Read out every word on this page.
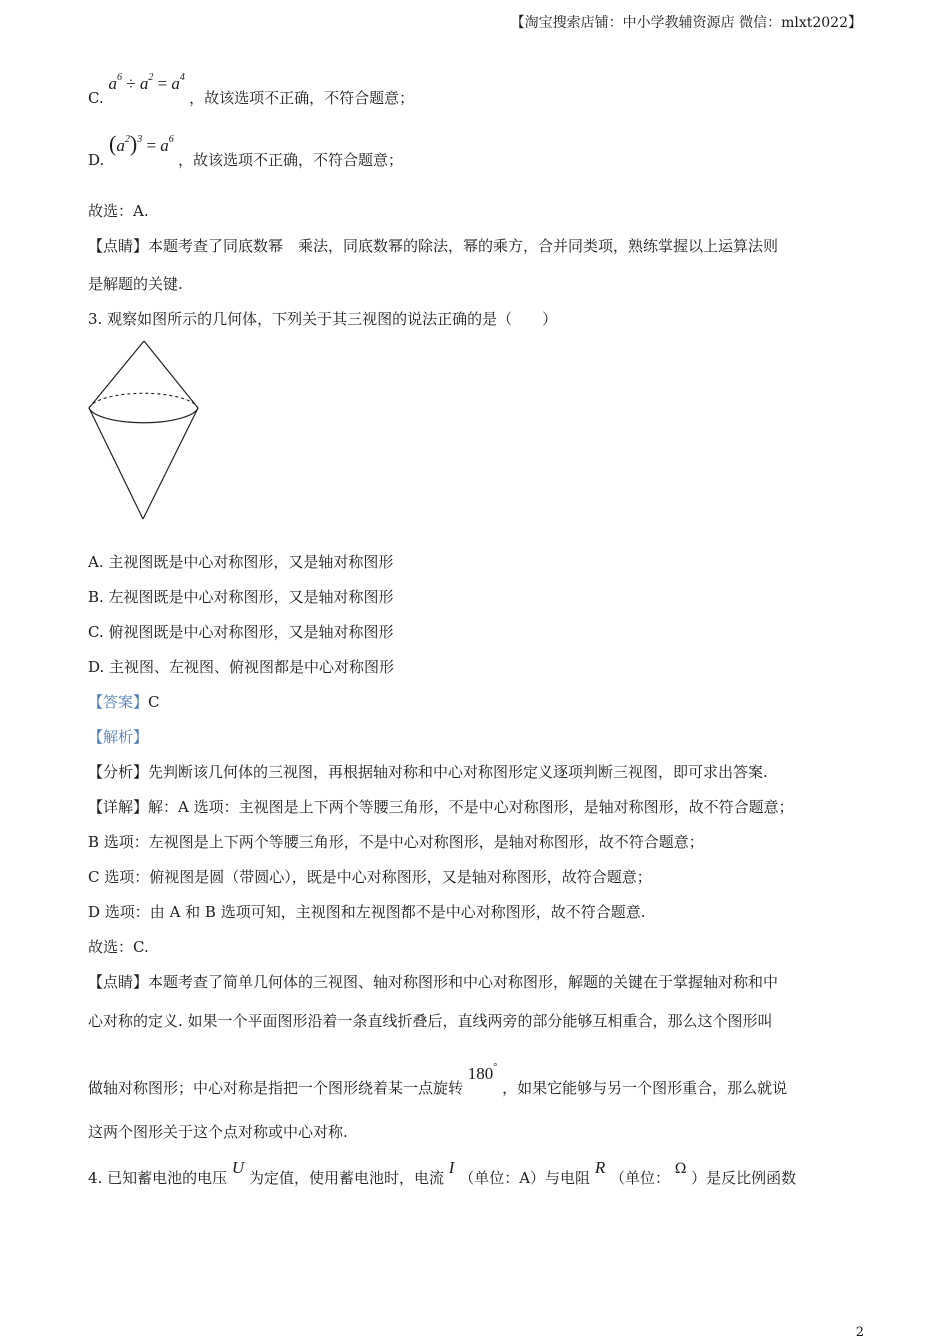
【淘宝搜索店铺：中小学教辅资源店 微信：mlxt2022】
C. $a^6 \div a^2 = a^4$ ，故该选项不正确，不符合题意；
D. $(a^2)^3 = a^6$ ，故该选项不正确，不符合题意；
故选：A.
【点睛】本题考查了同底数幂　乘法，同底数幂的除法，幂的乘方，合并同类项，熟练掌握以上运算法则
是解题的关键.
3. 观察如图所示的几何体，下列关于其三视图的说法正确的是（　　）
A. 主视图既是中心对称图形，又是轴对称图形
B. 左视图既是中心对称图形，又是轴对称图形
C. 俯视图既是中心对称图形，又是轴对称图形
D. 主视图、左视图、俯视图都是中心对称图形
【答案】C
【解析】
【分析】先判断该几何体的三视图，再根据轴对称和中心对称图形定义逐项判断三视图，即可求出答案.
【详解】解：A 选项：主视图是上下两个等腰三角形，不是中心对称图形，是轴对称图形，故不符合题意；
B 选项：左视图是上下两个等腰三角形，不是中心对称图形，是轴对称图形，故不符合题意；
C 选项：俯视图是圆（带圆心），既是中心对称图形，又是轴对称图形，故符合题意；
D 选项：由 A 和 B 选项可知，主视图和左视图都不是中心对称图形，故不符合题意.
故选：C.
【点睛】本题考查了简单几何体的三视图、轴对称图形和中心对称图形，解题的关键在于掌握轴对称和中
心对称的定义. 如果一个平面图形沿着一条直线折叠后，直线两旁的部分能够互相重合，那么这个图形叫
做轴对称图形；中心对称是指把一个图形绕着某一点旋转 180° ，如果它能够与另一个图形重合，那么就说
这两个图形关于这个点对称或中心对称.
4. 已知蓄电池的电压 U 为定值，使用蓄电池时，电流 I （单位：A）与电阻 R （单位： Ω ）是反比例函数
2
